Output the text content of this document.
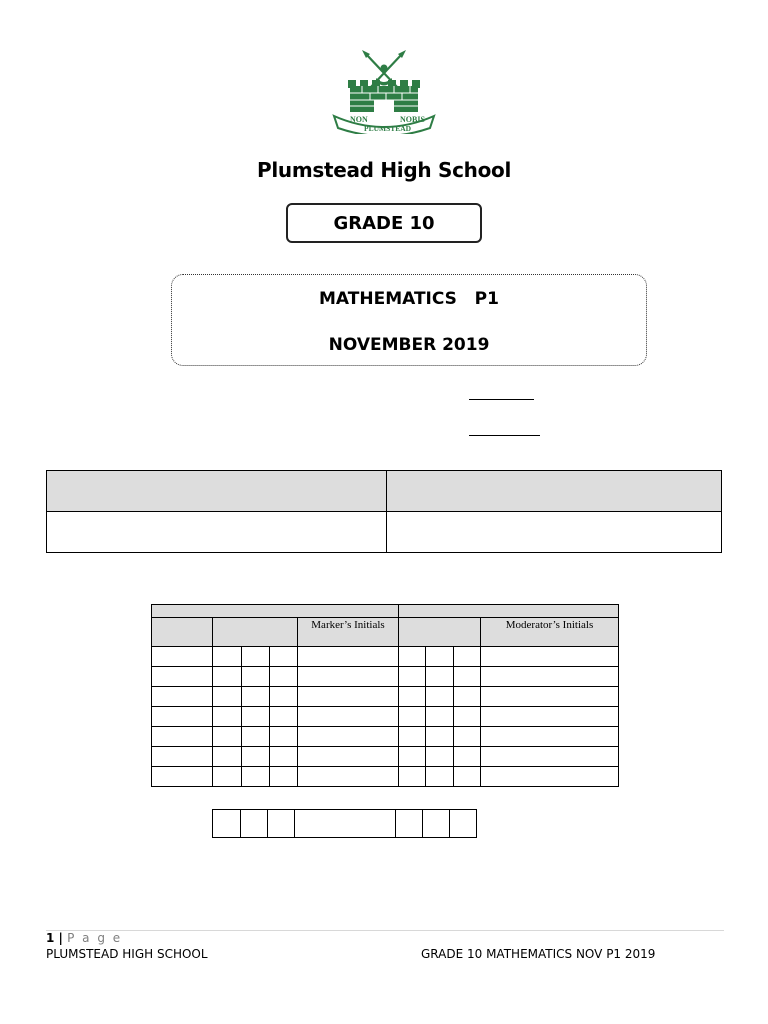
NON	NOBIS
PLUMSTEAD
Plumstead High School
GRADE 10
MATHEMATICS   P1
NOVEMBER 2019

				Marker’s Initials				Moderator’s Initials

1 | P a g e
PLUMSTEAD HIGH SCHOOL	GRADE 10 MATHEMATICS NOV P1 2019
